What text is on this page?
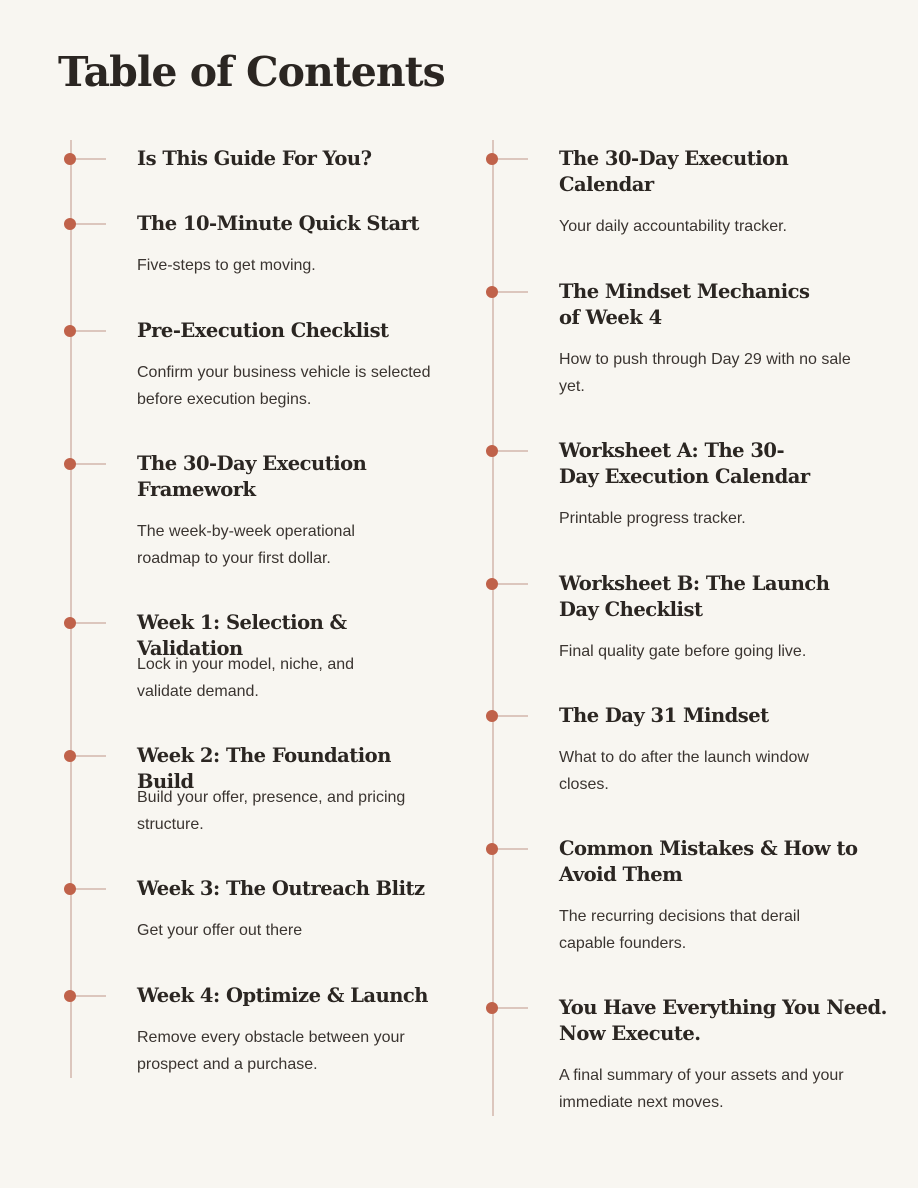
Table of Contents
Is This Guide For You?
The 10-Minute Quick Start

Five-steps to get moving.

Pre-Execution Checklist

Confirm your business vehicle is selected before execution begins.

The 30-Day Execution Framework

The week-by-week operational roadmap to your first dollar.

Week 1: Selection & Validation

Lock in your model, niche, and validate demand.

Week 2: The Foundation Build

Build your offer, presence, and pricing structure.

Week 3: The Outreach Blitz

Get your offer out there

Week 4: Optimize & Launch

Remove every obstacle between your prospect and a purchase.

The 30-Day Execution Calendar

Your daily accountability tracker.

The Mindset Mechanics of Week 4

How to push through Day 29 with no sale yet.

Worksheet A: The 30-Day Execution Calendar

Printable progress tracker.

Worksheet B: The Launch Day Checklist

Final quality gate before going live.

The Day 31 Mindset

What to do after the launch window closes.

Common Mistakes & How to Avoid Them

The recurring decisions that derail capable founders.

You Have Everything You Need. Now Execute.

A final summary of your assets and your immediate next moves.
